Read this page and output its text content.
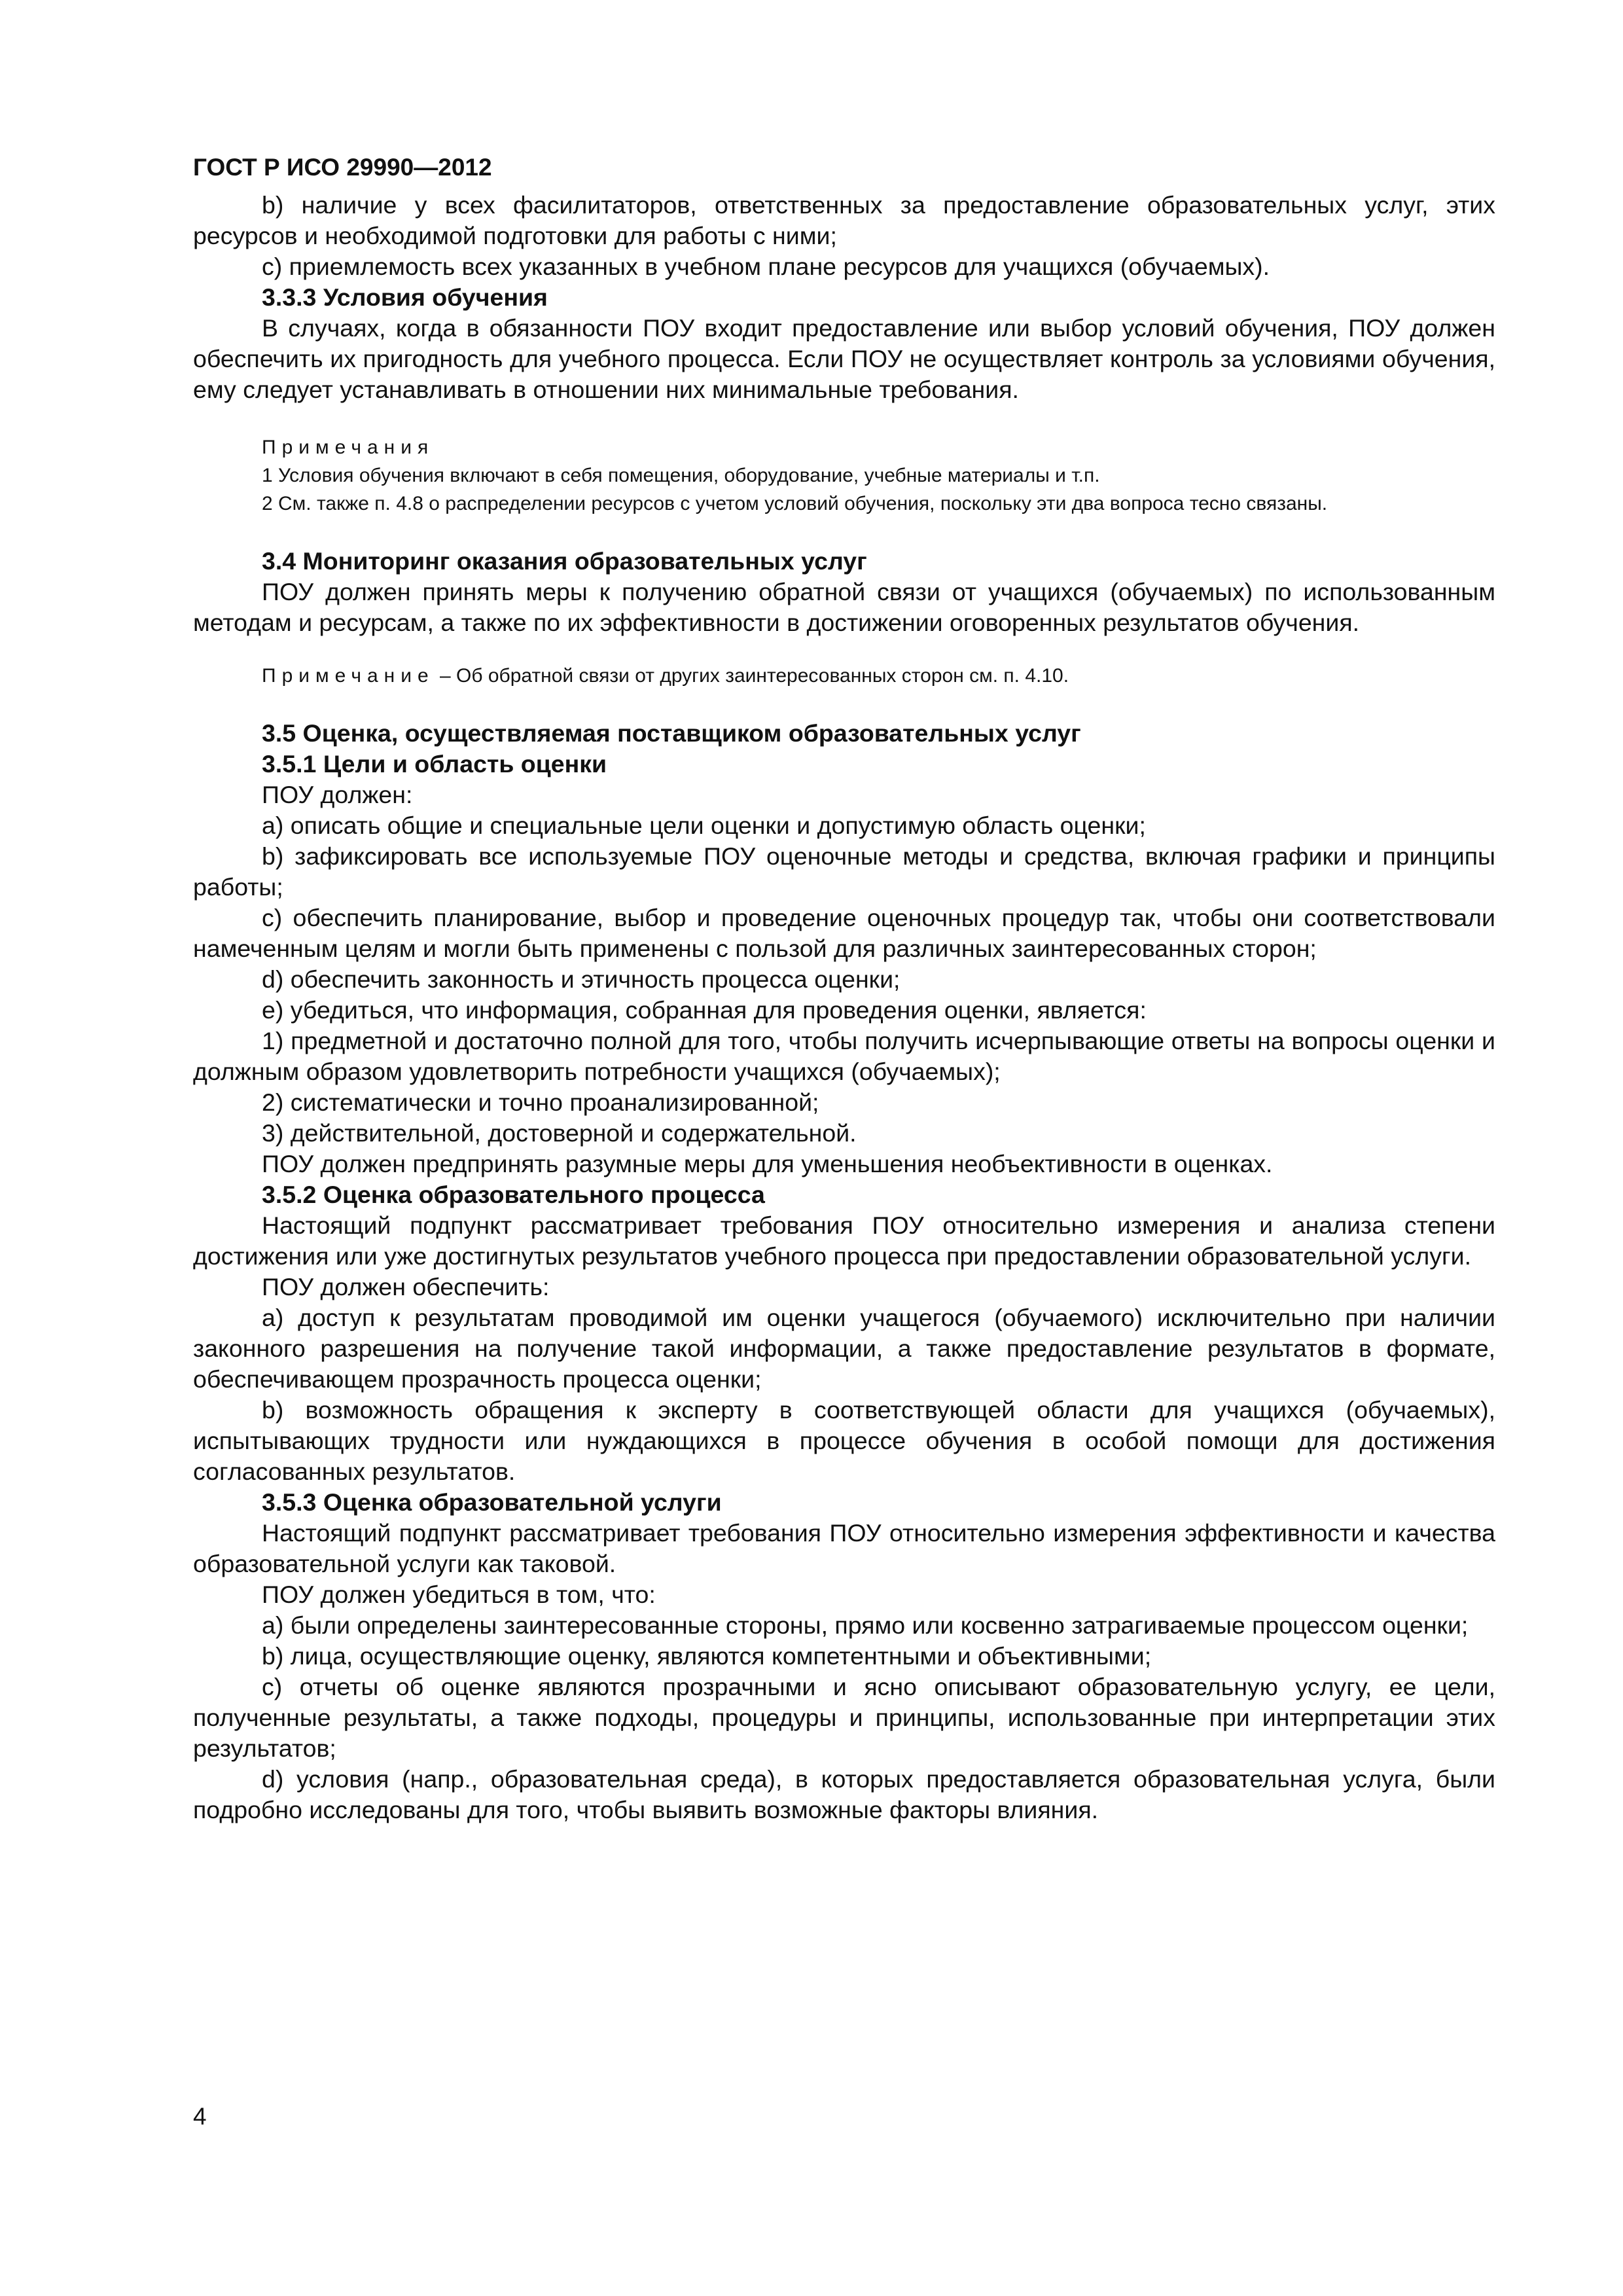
ГОСТ Р ИСО 29990—2012

b) наличие у всех фасилитаторов, ответственных за предоставление образовательных услуг, этих ресурсов и необходимой подготовки для работы с ними;

c) приемлемость всех указанных в учебном плане ресурсов для учащихся (обучаемых).

3.3.3 Условия обучения

В случаях, когда в обязанности ПОУ входит предоставление или выбор условий обучения, ПОУ должен обеспечить их пригодность для учебного процесса. Если ПОУ не осуществляет контроль за условиями обучения, ему следует устанавливать в отношении них минимальные требования.

Примечания
1 Условия обучения включают в себя помещения, оборудование, учебные материалы и т.п.
2 См. также п. 4.8 о распределении ресурсов с учетом условий обучения, поскольку эти два вопроса тесно связаны.

3.4 Мониторинг оказания образовательных услуг

ПОУ должен принять меры к получению обратной связи от учащихся (обучаемых) по использованным методам и ресурсам, а также по их эффективности в достижении оговоренных результатов обучения.

Примечание – Об обратной связи от других заинтересованных сторон см. п. 4.10.

3.5 Оценка, осуществляемая поставщиком образовательных услуг

3.5.1 Цели и область оценки

ПОУ должен:

a) описать общие и специальные цели оценки и допустимую область оценки;

b) зафиксировать все используемые ПОУ оценочные методы и средства, включая графики и принципы работы;

c) обеспечить планирование, выбор и проведение оценочных процедур так, чтобы они соответствовали намеченным целям и могли быть применены с пользой для различных заинтересованных сторон;

d) обеспечить законность и этичность процесса оценки;

e) убедиться, что информация, собранная для проведения оценки, является:

1) предметной и достаточно полной для того, чтобы получить исчерпывающие ответы на вопросы оценки и должным образом удовлетворить потребности учащихся (обучаемых);

2) систематически и точно проанализированной;

3) действительной, достоверной и содержательной.

ПОУ должен предпринять разумные меры для уменьшения необъективности в оценках.

3.5.2 Оценка образовательного процесса

Настоящий подпункт рассматривает требования ПОУ относительно измерения и анализа степени достижения или уже достигнутых результатов учебного процесса при предоставлении образовательной услуги.

ПОУ должен обеспечить:

a) доступ к результатам проводимой им оценки учащегося (обучаемого) исключительно при наличии законного разрешения на получение такой информации, а также предоставление результатов в формате, обеспечивающем прозрачность процесса оценки;

b) возможность обращения к эксперту в соответствующей области для учащихся (обучаемых), испытывающих трудности или нуждающихся в процессе обучения в особой помощи для достижения согласованных результатов.

3.5.3 Оценка образовательной услуги

Настоящий подпункт рассматривает требования ПОУ относительно измерения эффективности и качества образовательной услуги как таковой.

ПОУ должен убедиться в том, что:

a) были определены заинтересованные стороны, прямо или косвенно затрагиваемые процессом оценки;

b) лица, осуществляющие оценку, являются компетентными и объективными;

c) отчеты об оценке являются прозрачными и ясно описывают образовательную услугу, ее цели, полученные результаты, а также подходы, процедуры и принципы, использованные при интерпретации этих результатов;

d) условия (напр., образовательная среда), в которых предоставляется образовательная услуга, были подробно исследованы для того, чтобы выявить возможные факторы влияния.

4
